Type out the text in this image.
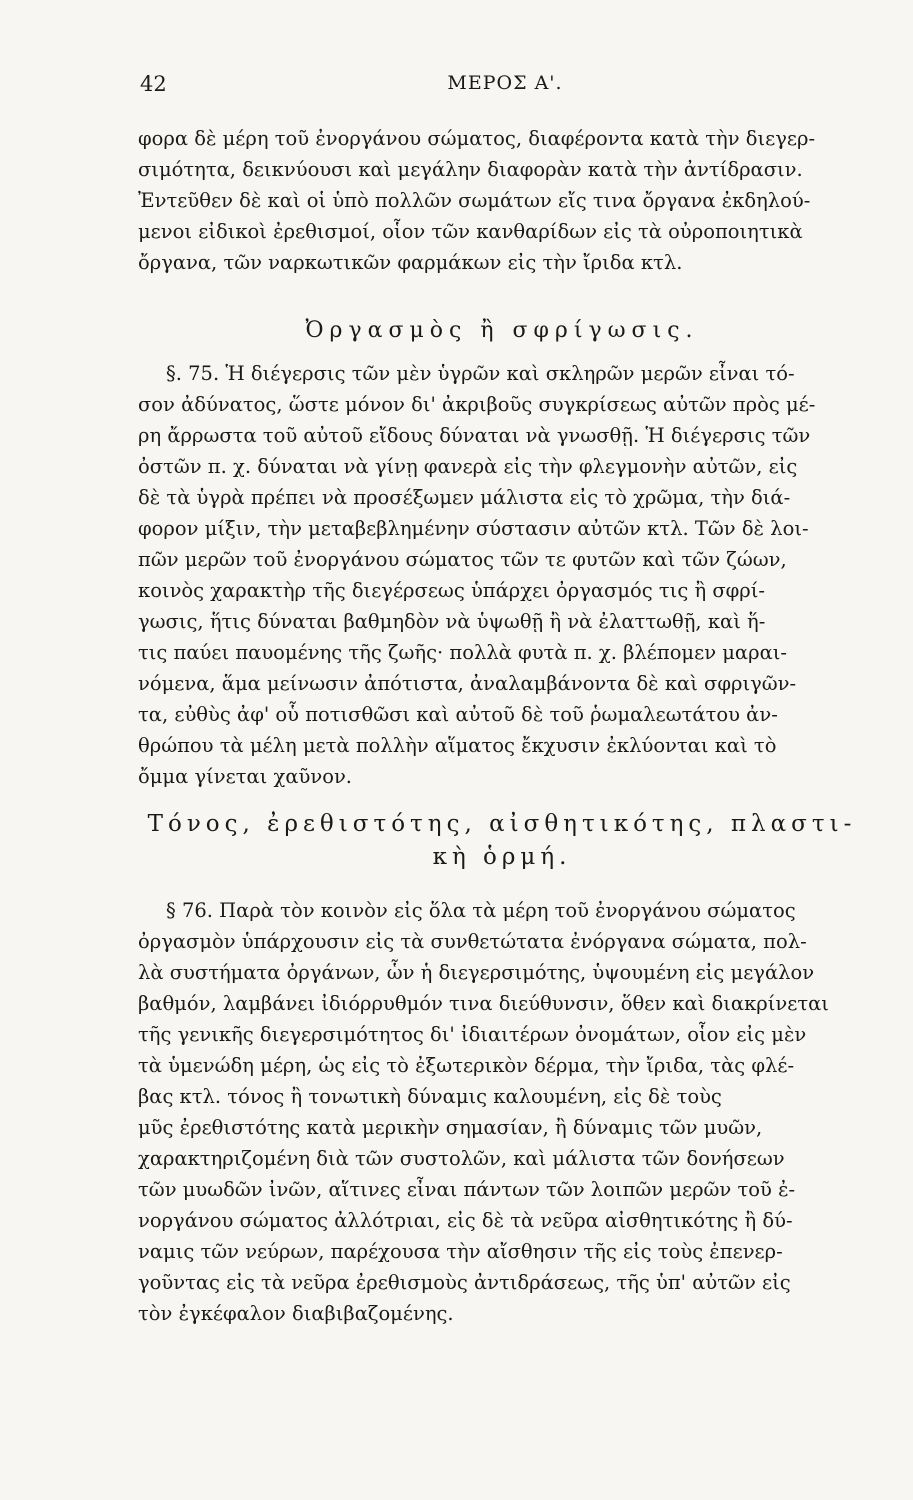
42	ΜΕΡΟΣ Α'.
φορα δὲ μέρη τοῦ ἐνοργάνου σώματος, διαφέροντα κατὰ τὴν διεγερ-
σιμότητα, δεικνύουσι καὶ μεγάλην διαφορὰν κατὰ τὴν ἀντίδρασιν.
Ἐντεῦθεν δὲ καὶ οἱ ὑπὸ πολλῶν σωμάτων εἴς τινα ὄργανα ἐκδηλού-
μενοι εἰδικοὶ ἐρεθισμοί, οἷον τῶν κανθαρίδων εἰς τὰ οὐροποιητικὰ
ὄργανα, τῶν ναρκωτικῶν φαρμάκων εἰς τὴν ἴριδα κτλ.
Ὀργασμὸς ἢ σφρίγωσις.
§. 75. Ἡ διέγερσις τῶν μὲν ὑγρῶν καὶ σκληρῶν μερῶν εἶναι τό-
σον ἀδύνατος, ὥστε μόνον δι' ἀκριβοῦς συγκρίσεως αὐτῶν πρὸς μέ-
ρη ἄρρωστα τοῦ αὐτοῦ εἴδους δύναται νὰ γνωσθῇ. Ἡ διέγερσις τῶν
ὀστῶν π. χ. δύναται νὰ γίνῃ φανερὰ εἰς τὴν φλεγμονὴν αὐτῶν, εἰς
δὲ τὰ ὑγρὰ πρέπει νὰ προσέξωμεν μάλιστα εἰς τὸ χρῶμα, τὴν διά-
φορον μίξιν, τὴν μεταβεβλημένην σύστασιν αὐτῶν κτλ. Τῶν δὲ λοι-
πῶν μερῶν τοῦ ἐνοργάνου σώματος τῶν τε φυτῶν καὶ τῶν ζώων,
κοινὸς χαρακτὴρ τῆς διεγέρσεως ὑπάρχει ὀργασμός τις ἢ σφρί-
γωσις, ἥτις δύναται βαθμηδὸν νὰ ὑψωθῇ ἢ νὰ ἐλαττωθῇ, καὶ ἥ-
τις παύει παυομένης τῆς ζωῆς· πολλὰ φυτὰ π. χ. βλέπομεν μαραι-
νόμενα, ἅμα μείνωσιν ἀπότιστα, ἀναλαμβάνοντα δὲ καὶ σφριγῶν-
τα, εὐθὺς ἀφ' οὗ ποτισθῶσι καὶ αὐτοῦ δὲ τοῦ ῥωμαλεωτάτου ἀν-
θρώπου τὰ μέλη μετὰ πολλὴν αἵματος ἔκχυσιν ἐκλύονται καὶ τὸ
ὄμμα γίνεται χαῦνον.
Τόνος, ἐρεθιστότης, αἰσθητικότης, πλαστι-
κὴ ὁρμή.
§ 76. Παρὰ τὸν κοινὸν εἰς ὅλα τὰ μέρη τοῦ ἐνοργάνου σώματος
ὀργασμὸν ὑπάρχουσιν εἰς τὰ συνθετώτατα ἐνόργανα σώματα, πολ-
λὰ συστήματα ὀργάνων, ὧν ἡ διεγερσιμότης, ὑψουμένη εἰς μεγάλον
βαθμόν, λαμβάνει ἰδιόρρυθμόν τινα διεύθυνσιν, ὅθεν καὶ διακρίνεται
τῆς γενικῆς διεγερσιμότητος δι' ἰδιαιτέρων ὀνομάτων, οἷον εἰς μὲν
τὰ ὑμενώδη μέρη, ὡς εἰς τὸ ἐξωτερικὸν δέρμα, τὴν ἴριδα, τὰς φλέ-
βας κτλ. τόνος ἢ τονωτικὴ δύναμις καλουμένη, εἰς δὲ τοὺς
μῦς ἐρεθιστότης κατὰ μερικὴν σημασίαν, ἢ δύναμις τῶν μυῶν,
χαρακτηριζομένη διὰ τῶν συστολῶν, καὶ μάλιστα τῶν δονήσεων
τῶν μυωδῶν ἰνῶν, αἵτινες εἶναι πάντων τῶν λοιπῶν μερῶν τοῦ ἐ-
νοργάνου σώματος ἀλλότριαι, εἰς δὲ τὰ νεῦρα αἰσθητικότης ἢ δύ-
ναμις τῶν νεύρων, παρέχουσα τὴν αἴσθησιν τῆς εἰς τοὺς ἐπενερ-
γοῦντας εἰς τὰ νεῦρα ἐρεθισμοὺς ἀντιδράσεως, τῆς ὑπ' αὐτῶν εἰς
τὸν ἐγκέφαλον διαβιβαζομένης.
